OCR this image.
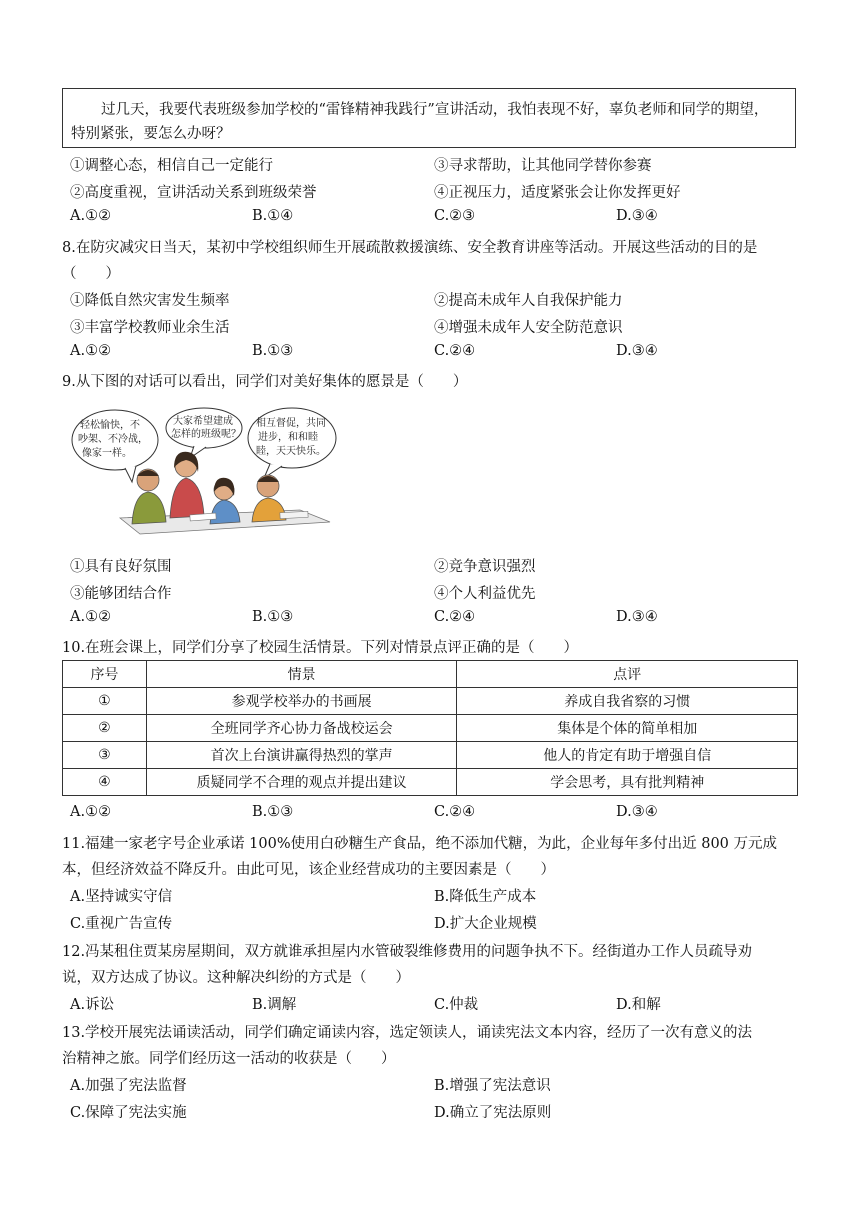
过几天，我要代表班级参加学校的“雷锋精神我践行”宣讲活动，我怕表现不好，辜负老师和同学的期望，
特别紧张，要怎么办呀？
①调整心态，相信自己一定能行	③寻求帮助，让其他同学替你参赛
②高度重视，宣讲活动关系到班级荣誉	④正视压力，适度紧张会让你发挥更好
A.①②	B.①④	C.②③	D.③④
8.在防灾减灾日当天，某初中学校组织师生开展疏散救援演练、安全教育讲座等活动。开展这些活动的目的是
（　　）
①降低自然灾害发生频率	②提高未成年人自我保护能力
③丰富学校教师业余生活	④增强未成年人安全防范意识
A.①②	B.①③	C.②④	D.③④
9.从下图的对话可以看出，同学们对美好集体的愿景是（　　）
轻松愉快，不
吵架、不冷战，
像家一样。
大家希望建成
怎样的班级呢？
相互督促，共同
进步，和和睦
睦，天天快乐。
①具有良好氛围	②竞争意识强烈
③能够团结合作	④个人利益优先
A.①②	B.①③	C.②④	D.③④
10.在班会课上，同学们分享了校园生活情景。下列对情景点评正确的是（　　）
序号	情景	点评
①	参观学校举办的书画展	养成自我省察的习惯
②	全班同学齐心协力备战校运会	集体是个体的简单相加
③	首次上台演讲赢得热烈的掌声	他人的肯定有助于增强自信
④	质疑同学不合理的观点并提出建议	学会思考，具有批判精神
A.①②	B.①③	C.②④	D.③④
11.福建一家老字号企业承诺 100%使用白砂糖生产食品，绝不添加代糖，为此，企业每年多付出近 800 万元成
本，但经济效益不降反升。由此可见，该企业经营成功的主要因素是（　　）
A.坚持诚实守信	B.降低生产成本
C.重视广告宣传	D.扩大企业规模
12.冯某租住贾某房屋期间，双方就谁承担屋内水管破裂维修费用的问题争执不下。经街道办工作人员疏导劝
说，双方达成了协议。这种解决纠纷的方式是（　　）
A.诉讼	B.调解	C.仲裁	D.和解
13.学校开展宪法诵读活动，同学们确定诵读内容，选定领读人，诵读宪法文本内容，经历了一次有意义的法
治精神之旅。同学们经历这一活动的收获是（　　）
A.加强了宪法监督	B.增强了宪法意识
C.保障了宪法实施	D.确立了宪法原则
